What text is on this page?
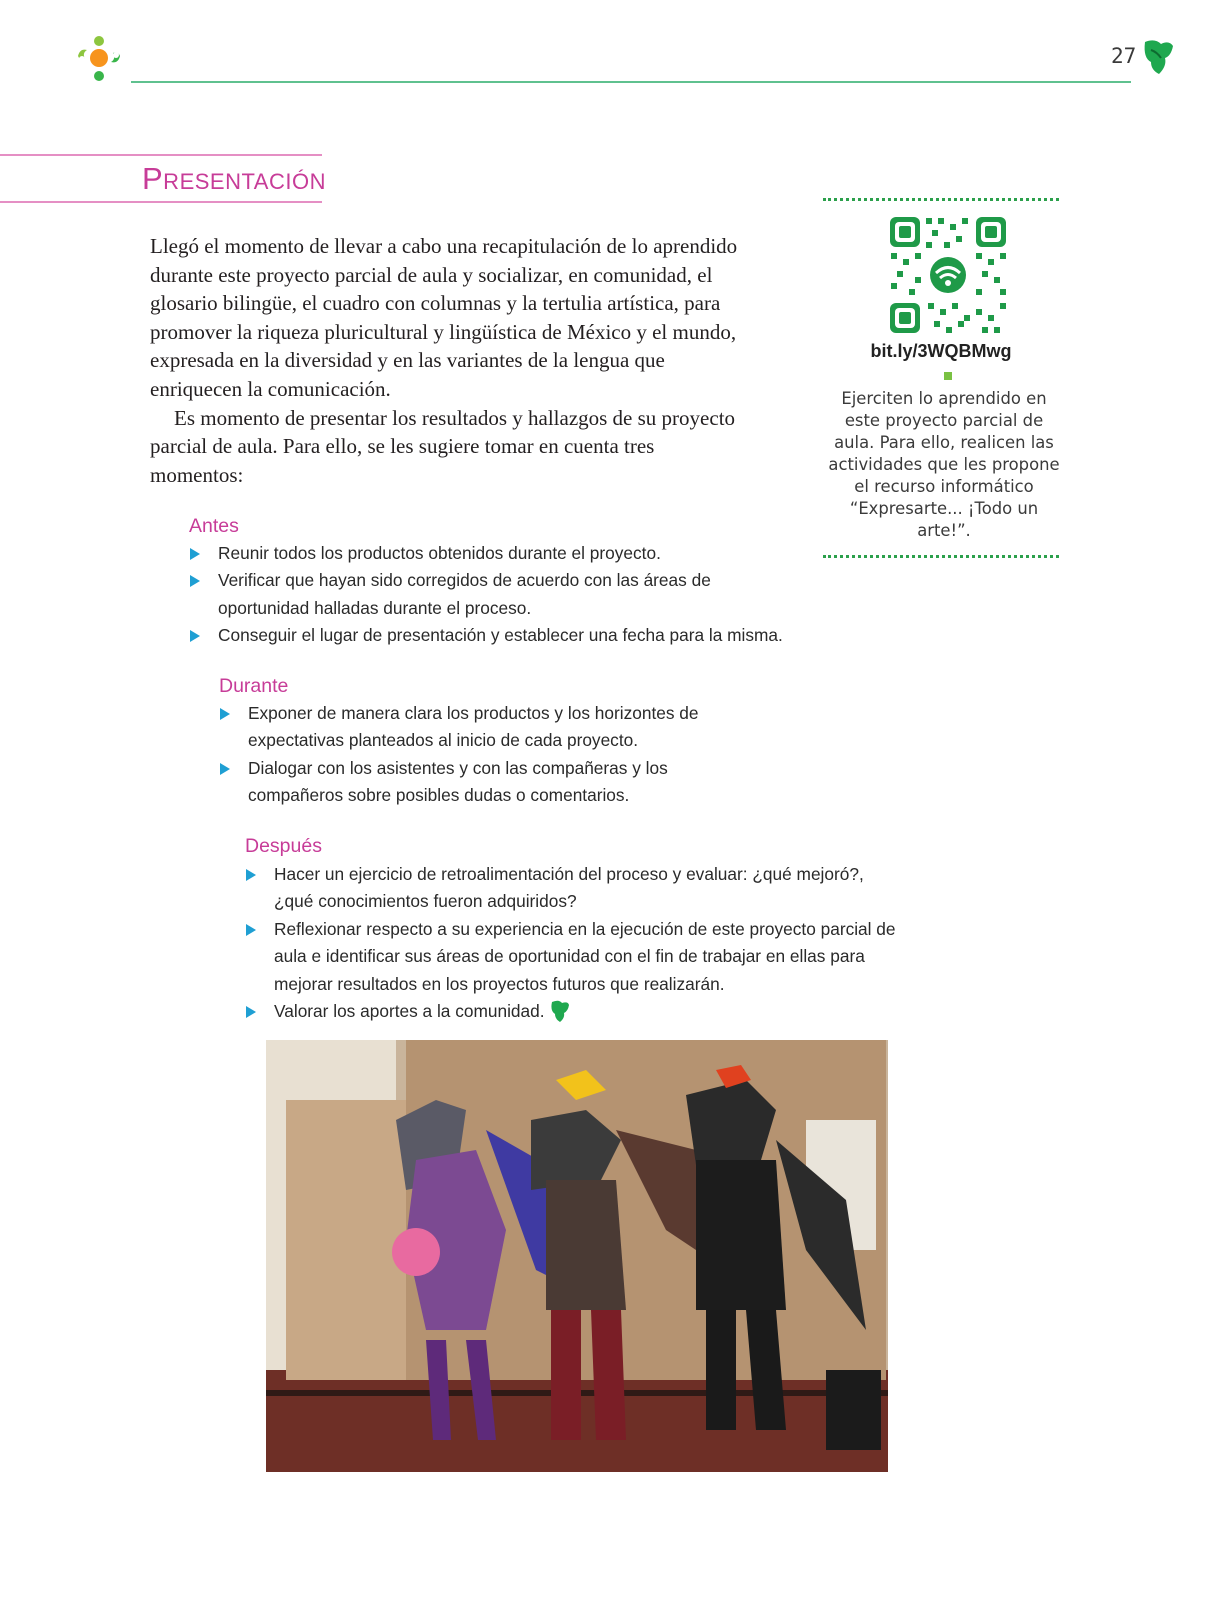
27
Presentación

Llegó el momento de llevar a cabo una recapitulación de lo aprendido durante este proyecto parcial de aula y socializar, en comunidad, el glosario bilingüe, el cuadro con columnas y la tertulia artística, para promover la riqueza pluricultural y lingüística de México y el mundo, expresada en la diversidad y en las variantes de la lengua que enriquecen la comunicación.

Es momento de presentar los resultados y hallazgos de su proyecto parcial de aula. Para ello, se les sugiere tomar en cuenta tres momentos:

Antes
Reunir todos los productos obtenidos durante el proyecto.
Verificar que hayan sido corregidos de acuerdo con las áreas de oportunidad halladas durante el proceso.
Conseguir el lugar de presentación y establecer una fecha para la misma.
Durante
Exponer de manera clara los productos y los horizontes de expectativas planteados al inicio de cada proyecto.
Dialogar con los asistentes y con las compañeras y los compañeros sobre posibles dudas o comentarios.
Después
Hacer un ejercicio de retroalimentación del proceso y evaluar: ¿qué mejoró?, ¿qué conocimientos fueron adquiridos?
Reflexionar respecto a su experiencia en la ejecución de este proyecto parcial de aula e identificar sus áreas de oportunidad con el fin de trabajar en ellas para mejorar resultados en los proyectos futuros que realizarán.
Valorar los aportes a la comunidad.
bit.ly/3WQBMwg
Ejerciten lo aprendido en este proyecto parcial de aula. Para ello, realicen las actividades que les propone el recurso informático “Expresarte... ¡Todo un arte!”.
